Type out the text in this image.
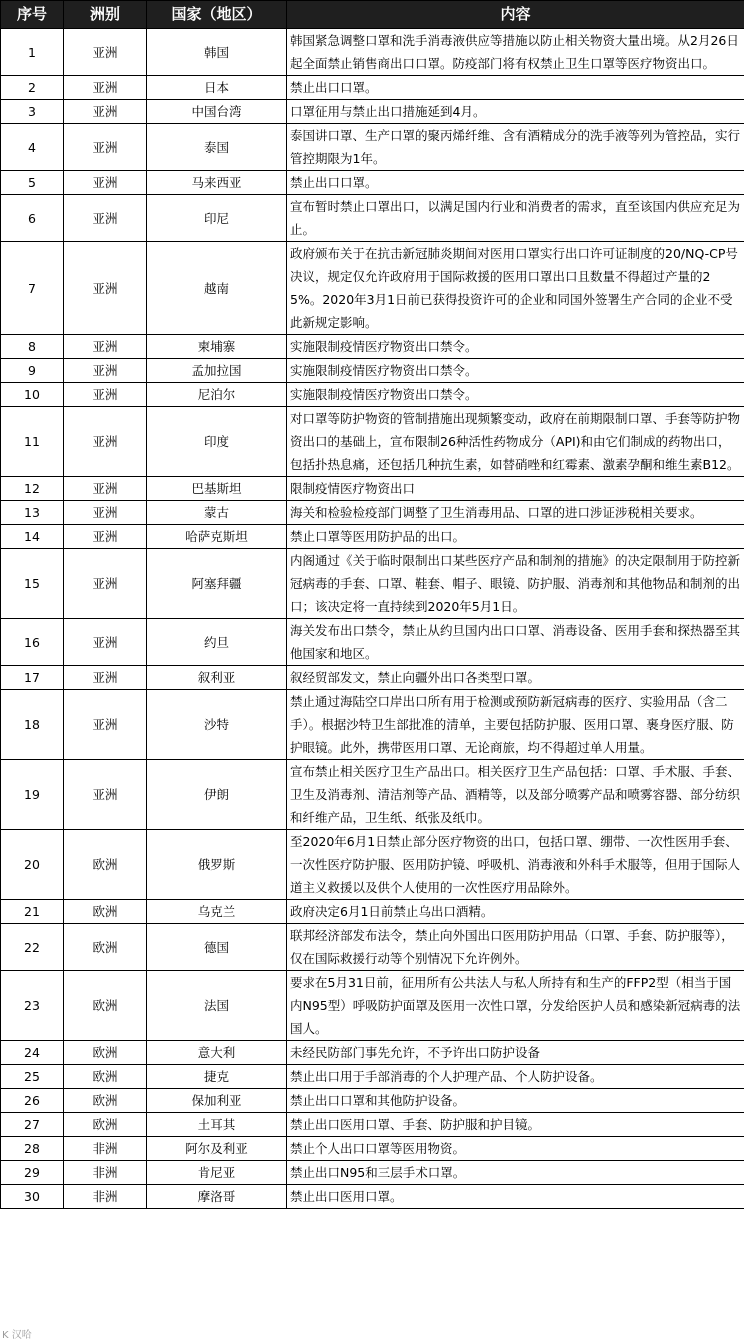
序号	洲别	国家（地区）	内容
1	亚洲	韩国	韩国紧急调整口罩和洗手消毒液供应等措施以防止相关物资大量出境。从2月26日起全面禁止销售商出口口罩。防疫部门将有权禁止卫生口罩等医疗物资出口。
2	亚洲	日本	禁止出口口罩。
3	亚洲	中国台湾	口罩征用与禁止出口措施延到4月。
4	亚洲	泰国	泰国讲口罩、生产口罩的聚丙烯纤维、含有酒精成分的洗手液等列为管控品，实行管控期限为1年。
5	亚洲	马来西亚	禁止出口口罩。
6	亚洲	印尼	宣布暂时禁止口罩出口，以满足国内行业和消费者的需求，直至该国内供应充足为止。
7	亚洲	越南	政府颁布关于在抗击新冠肺炎期间对医用口罩实行出口许可证制度的20/NQ-CP号决议，规定仅允许政府用于国际救援的医用口罩出口且数量不得超过产量的25%。2020年3月1日前已获得投资许可的企业和同国外签署生产合同的企业不受此新规定影响。
8	亚洲	柬埔寨	实施限制疫情医疗物资出口禁令。
9	亚洲	孟加拉国	实施限制疫情医疗物资出口禁令。
10	亚洲	尼泊尔	实施限制疫情医疗物资出口禁令。
11	亚洲	印度	对口罩等防护物资的管制措施出现频繁变动，政府在前期限制口罩、手套等防护物资出口的基础上，宣布限制26种活性药物成分（API)和由它们制成的药物出口，包括扑热息痛，还包括几种抗生素，如替硝唑和红霉素、激素孕酮和维生素B12。
12	亚洲	巴基斯坦	限制疫情医疗物资出口
13	亚洲	蒙古	海关和检验检疫部门调整了卫生消毒用品、口罩的进口涉证涉税相关要求。
14	亚洲	哈萨克斯坦	禁止口罩等医用防护品的出口。
15	亚洲	阿塞拜疆	内阁通过《关于临时限制出口某些医疗产品和制剂的措施》的决定限制用于防控新冠病毒的手套、口罩、鞋套、帽子、眼镜、防护服、消毒剂和其他物品和制剂的出口；该决定将一直持续到2020年5月1日。
16	亚洲	约旦	海关发布出口禁令，禁止从约旦国内出口口罩、消毒设备、医用手套和探热器至其他国家和地区。
17	亚洲	叙利亚	叙经贸部发文，禁止向疆外出口各类型口罩。
18	亚洲	沙特	禁止通过海陆空口岸出口所有用于检测或预防新冠病毒的医疗、实验用品（含二手）。根据沙特卫生部批准的清单，主要包括防护服、医用口罩、裹身医疗服、防护眼镜。此外，携带医用口罩、无论商旅，均不得超过单人用量。
19	亚洲	伊朗	宣布禁止相关医疗卫生产品出口。相关医疗卫生产品包括：口罩、手术服、手套、卫生及消毒剂、清洁剂等产品、酒精等，以及部分喷雾产品和喷雾容器、部分纺织和纤维产品，卫生纸、纸张及纸巾。
20	欧洲	俄罗斯	至2020年6月1日禁止部分医疗物资的出口，包括口罩、绷带、一次性医用手套、一次性医疗防护服、医用防护镜、呼吸机、消毒液和外科手术服等，但用于国际人道主义救援以及供个人使用的一次性医疗用品除外。
21	欧洲	乌克兰	政府决定6月1日前禁止乌出口酒精。
22	欧洲	德国	联邦经济部发布法令，禁止向外国出口医用防护用品（口罩、手套、防护服等），仅在国际救援行动等个别情况下允许例外。
23	欧洲	法国	要求在5月31日前，征用所有公共法人与私人所持有和生产的FFP2型（相当于国内N95型）呼吸防护面罩及医用一次性口罩，分发给医护人员和感染新冠病毒的法国人。
24	欧洲	意大利	未经民防部门事先允许，不予许出口防护设备
25	欧洲	捷克	禁止出口用于手部消毒的个人护理产品、个人防护设备。
26	欧洲	保加利亚	禁止出口口罩和其他防护设备。
27	欧洲	土耳其	禁止出口医用口罩、手套、防护服和护目镜。
28	非洲	阿尔及利亚	禁止个人出口口罩等医用物资。
29	非洲	肯尼亚	禁止出口N95和三层手术口罩。
30	非洲	摩洛哥	禁止出口医用口罩。
K 汉哈
